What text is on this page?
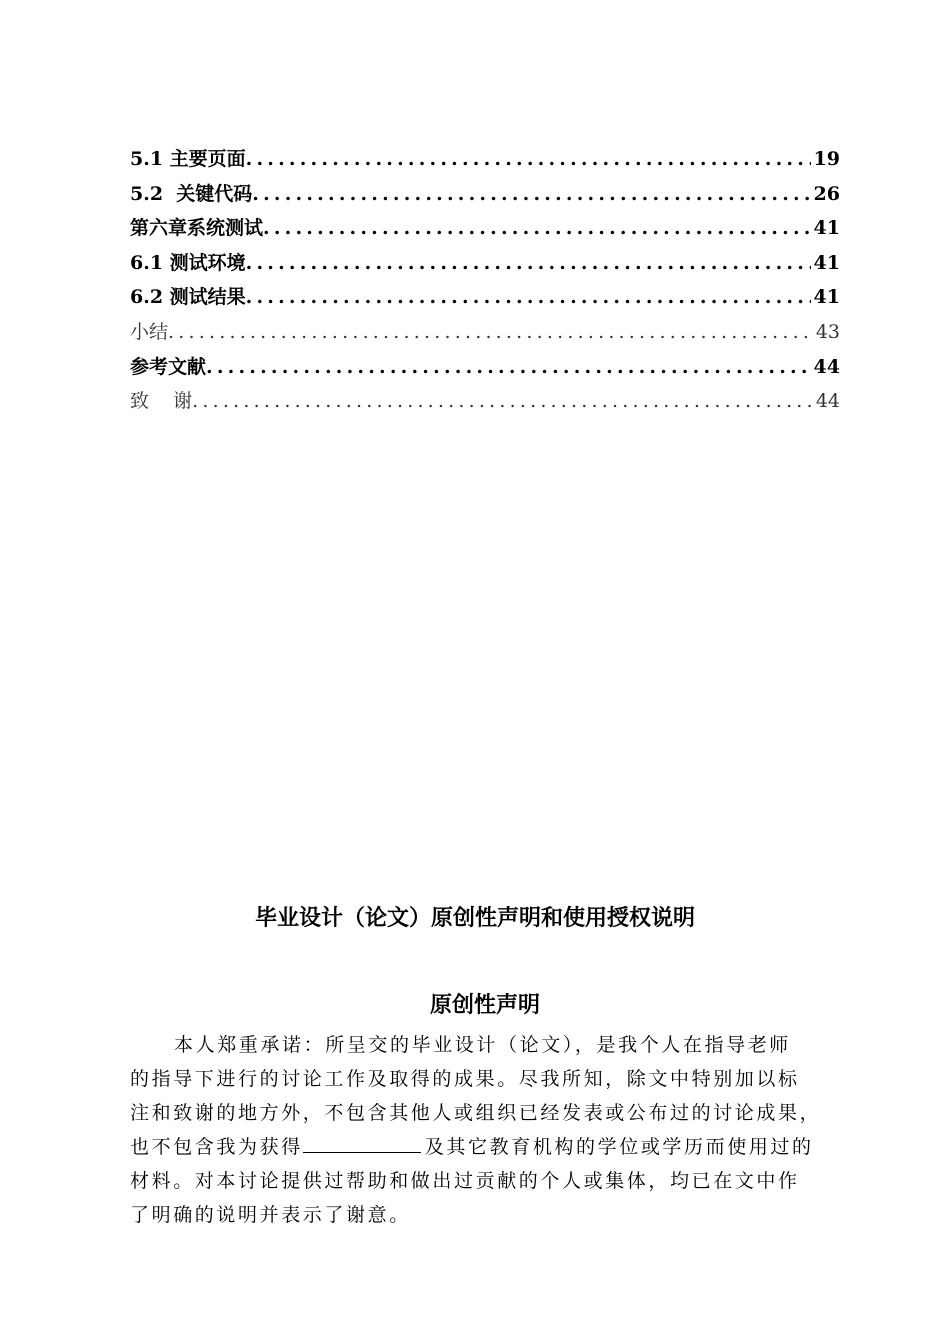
5.1 主要页面 .....	19
5.2  关键代码 .....	26
第六章系统测试 .....	41
6.1 测试环境 .....	41
6.2 测试结果 .....	41
小结 .....	43
参考文献 .....	44
致    谢 .....	44
毕业设计（论文）原创性声明和使用授权说明
原创性声明

本人郑重承诺：所呈交的毕业设计（论文），是我个人在指导老师
的指导下进行的讨论工作及取得的成果。尽我所知，除文中特别加以标
注和致谢的地方外，不包含其他人或组织已经发表或公布过的讨论成果，
也不包含我为获得	及其它教育机构的学位或学历而使用过的
材料。对本讨论提供过帮助和做出过贡献的个人或集体，均已在文中作
了明确的说明并表示了谢意。
